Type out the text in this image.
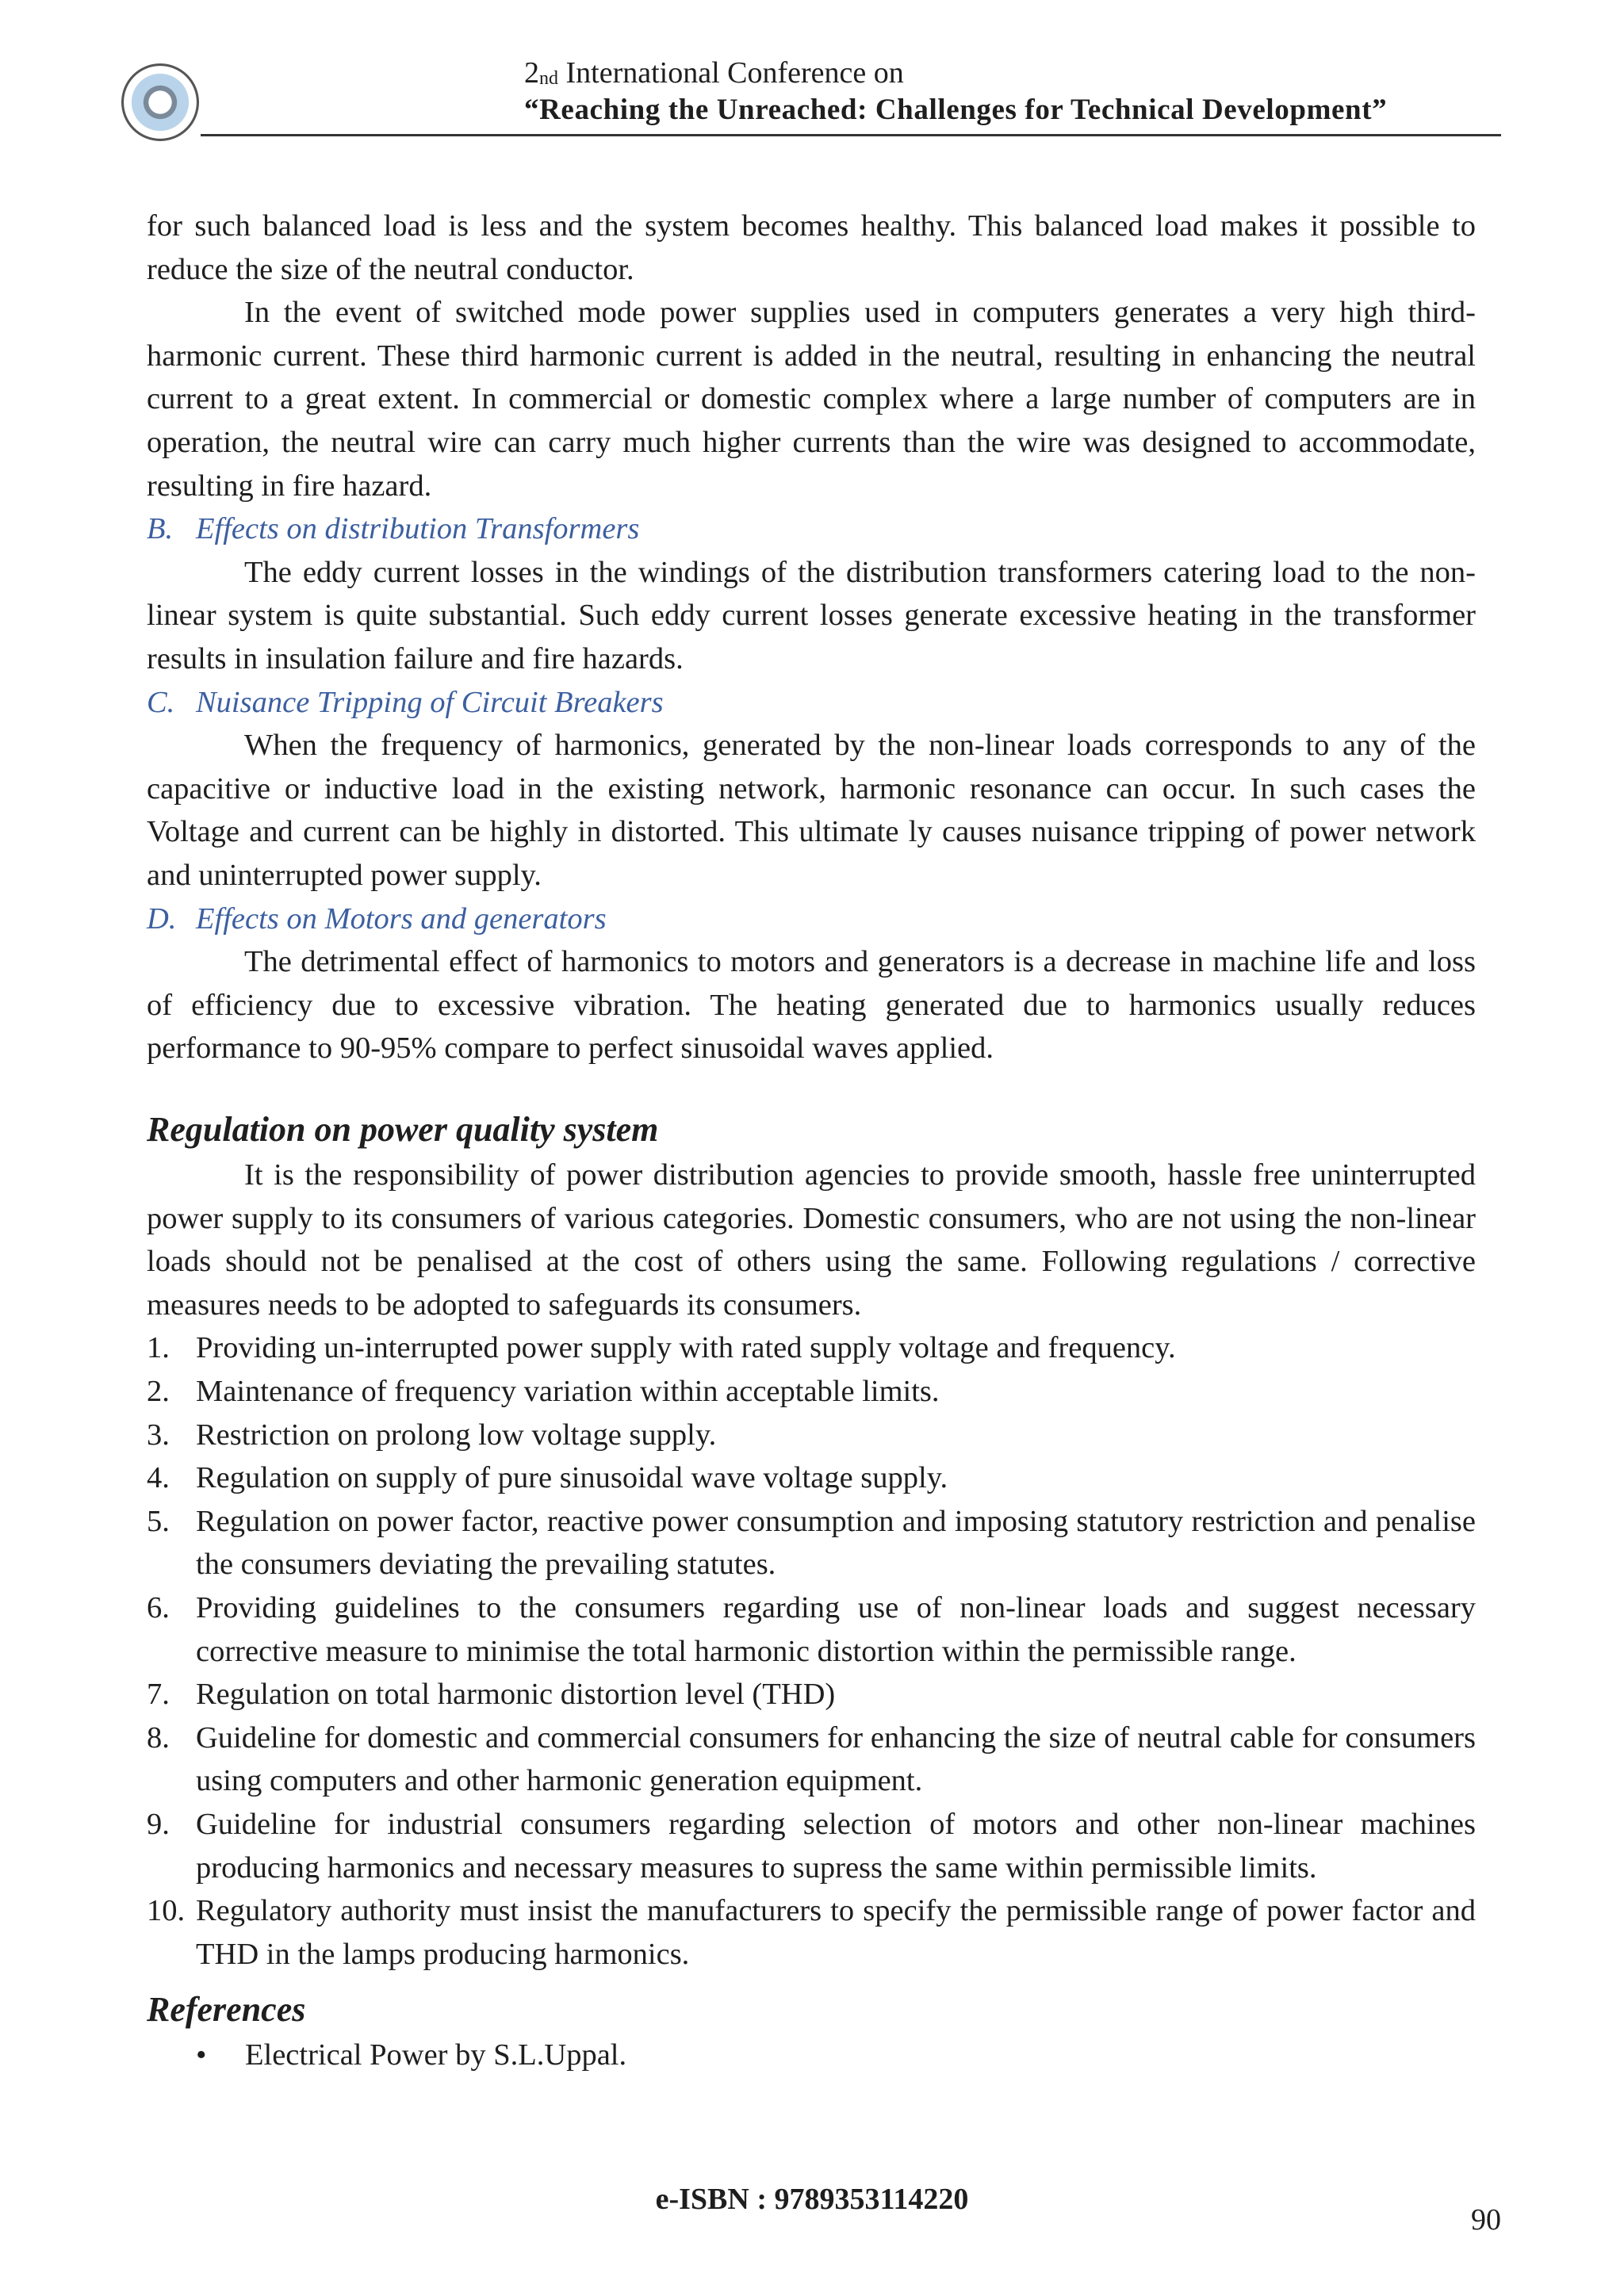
2nd International Conference on
“Reaching the Unreached: Challenges for Technical Development”

for such balanced load is less and the system becomes healthy. This balanced load makes it possible to reduce the size of the neutral conductor.

In the event of switched mode power supplies used in computers generates a very high third-harmonic current. These third harmonic current is added in the neutral, resulting in enhancing the neutral current to a great extent. In commercial or domestic complex where a large number of computers are in operation, the neutral wire can carry much higher currents than the wire was designed to accommodate, resulting in fire hazard.

B. Effects on distribution Transformers

The eddy current losses in the windings of the distribution transformers catering load to the non-linear system is quite substantial. Such eddy current losses generate excessive heating in the transformer results in insulation failure and fire hazards.

C. Nuisance Tripping of Circuit Breakers

When the frequency of harmonics, generated by the non-linear loads corresponds to any of the capacitive or inductive load in the existing network, harmonic resonance can occur. In such cases the Voltage and current can be highly in distorted. This ultimate ly causes nuisance tripping of power network and uninterrupted power supply.

D. Effects on Motors and generators

The detrimental effect of harmonics to motors and generators is a decrease in machine life and loss of efficiency due to excessive vibration. The heating generated due to harmonics usually reduces performance to 90-95% compare to perfect sinusoidal waves applied.

Regulation on power quality system

It is the responsibility of power distribution agencies to provide smooth, hassle free uninterrupted power supply to its consumers of various categories. Domestic consumers, who are not using the non-linear loads should not be penalised at the cost of others using the same. Following regulations / corrective measures needs to be adopted to safeguards its consumers.

1. Providing un-interrupted power supply with rated supply voltage and frequency.
2. Maintenance of frequency variation within acceptable limits.
3. Restriction on prolong low voltage supply.
4. Regulation on supply of pure sinusoidal wave voltage supply.
5. Regulation on power factor, reactive power consumption and imposing statutory restriction and penalise the consumers deviating the prevailing statutes.
6. Providing guidelines to the consumers regarding use of non-linear loads and suggest necessary corrective measure to minimise the total harmonic distortion within the permissible range.
7. Regulation on total harmonic distortion level (THD)
8. Guideline for domestic and commercial consumers for enhancing the size of neutral cable for consumers using computers and other harmonic generation equipment.
9. Guideline for industrial consumers regarding selection of motors and other non-linear machines producing harmonics and necessary measures to supress the same within permissible limits.
10. Regulatory authority must insist the manufacturers to specify the permissible range of power factor and THD in the lamps producing harmonics.
References
• Electrical Power by S.L.Uppal.
e-ISBN : 9789353114220
90
